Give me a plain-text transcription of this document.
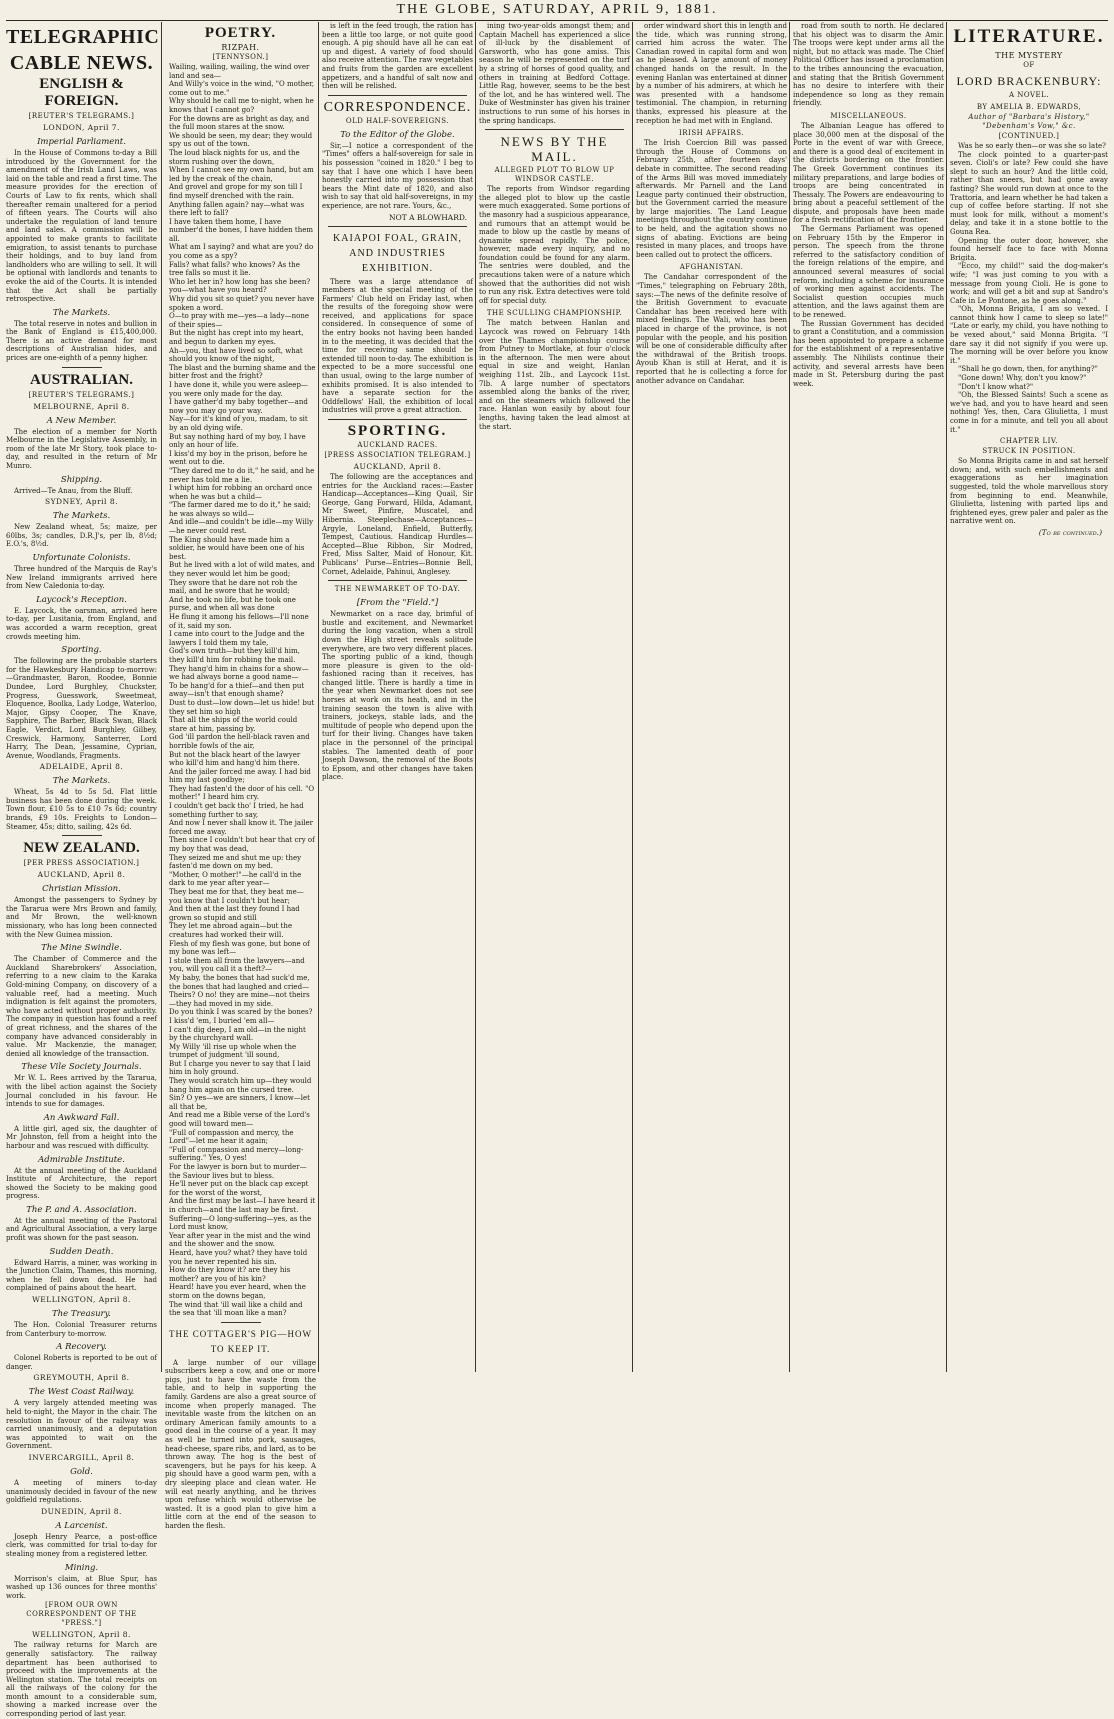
THE GLOBE, SATURDAY, APRIL 9, 1881.
TELEGRAPHIC
CABLE NEWS.
ENGLISH & FOREIGN.
[REUTER'S TELEGRAMS.]
LONDON, April 7.
Imperial Parliament.

In the House of Commons to-day a Bill introduced by the Government for the amendment of the Irish Land Laws, was laid on the table and read a first time. The measure provides for the erection of Courts of Law to fix rents, which shall thereafter remain unaltered for a period of fifteen years. The Courts will also undertake the regulation of land tenure and land sales. A commission will be appointed to make grants to facilitate emigration, to assist tenants to purchase their holdings, and to buy land from landholders who are willing to sell. It will be optional with landlords and tenants to evoke the aid of the Courts. It is intended that the Act shall be partially retrospective.

The Markets.

The total reserve in notes and bullion in the Bank of England is £15,400,000. There is an active demand for most descriptions of Australian hides, and prices are one-eighth of a penny higher.

AUSTRALIAN.
[REUTER'S TELEGRAMS.]
MELBOURNE, April 8.
A New Member.

The election of a member for North Melbourne in the Legislative Assembly, in room of the late Mr Story, took place to-day, and resulted in the return of Mr Munro.

Shipping.

Arrived—Te Anau, from the Bluff.

SYDNEY, April 8.
The Markets.

New Zealand wheat, 5s; maize, per 60lbs, 3s; candles, D.R.J's, per lb, 8½d; E.O.'s, 8½d.

Unfortunate Colonists.

Three hundred of the Marquis de Ray's New Ireland immigrants arrived here from New Caledonia to-day.

Laycock's Reception.

E. Laycock, the oarsman, arrived here to-day, per Lusitania, from England, and was accorded a warm reception, great crowds meeting him.

Sporting.

The following are the probable starters for the Hawkesbury Handicap to-morrow:—Grandmaster, Baron, Roodee, Bonnie Dundee, Lord Burghley, Chuckster, Progress, Guesswork, Sweetmeat, Eloquence, Boolka, Lady Lodge, Waterloo, Major, Gipsy Cooper, The Knave, Sapphire, The Barber, Black Swan, Black Eagle, Verdict, Lord Burghley, Gilbey, Creswick, Harmony, Santerrer, Lord Harry, The Dean, Jessamine, Cyprian, Avenue, Woodlands, Fragments.

ADELAIDE, April 8.
The Markets.

Wheat, 5s 4d to 5s 5d. Flat little business has been done during the week. Town flour, £10 5s to £10 7s 6d; country brands, £9 10s. Freights to London—Steamer, 45s; ditto, sailing, 42s 6d.

NEW ZEALAND.
[PER PRESS ASSOCIATION.]
AUCKLAND, April 8.
Christian Mission.

Amongst the passengers to Sydney by the Tararua were Mrs Brown and family, and Mr Brown, the well-known missionary, who has long been connected with the New Guinea mission.

The Mine Swindle.

The Chamber of Commerce and the Auckland Sharebrokers' Association, referring to a new claim to the Karaka Gold-mining Company, on discovery of a valuable reef, had a meeting. Much indignation is felt against the promoters, who have acted without proper authority. The company in question has found a reef of great richness, and the shares of the company have advanced considerably in value. Mr Mackenzie, the manager, denied all knowledge of the transaction.

These Vile Society Journals.

Mr W. L. Rees arrived by the Tararua, with the libel action against the Society Journal concluded in his favour. He intends to sue for damages.

An Awkward Fall.

A little girl, aged six, the daughter of Mr Johnston, fell from a height into the harbour and was rescued with difficulty.

Admirable Institute.

At the annual meeting of the Auckland Institute of Architecture, the report showed the Society to be making good progress.

The P. and A. Association.

At the annual meeting of the Pastoral and Agricultural Association, a very large profit was shown for the past season.

Sudden Death.

Edward Harris, a miner, was working in the Junction Claim, Thames, this morning, when he fell down dead. He had complained of pains about the heart.

WELLINGTON, April 8.
The Treasury.

The Hon. Colonial Treasurer returns from Canterbury to-morrow.

A Recovery.

Colonel Roberts is reported to be out of danger.

GREYMOUTH, April 8.
The West Coast Railway.

A very largely attended meeting was held to-night, the Mayor in the chair. The resolution in favour of the railway was carried unanimously, and a deputation was appointed to wait on the Government.

INVERCARGILL, April 8.
Gold.

A meeting of miners to-day unanimously decided in favour of the new goldfield regulations.

DUNEDIN, April 8.
A Larcenist.

Joseph Henry Pearce, a post-office clerk, was committed for trial to-day for stealing money from a registered letter.

Mining.

Morrison's claim, at Blue Spur, has washed up 136 ounces for three months' work.

[FROM OUR OWN CORRESPONDENT OF THE "PRESS."]
WELLINGTON, April 8.

The railway returns for March are generally satisfactory. The railway department has been authorised to proceed with the improvements at the Wellington station. The total receipts on all the railways of the colony for the month amount to a considerable sum, showing a marked increase over the corresponding period of last year.

POETRY.
RIZPAH.
[TENNYSON.]
Wailing, wailing, wailing, the wind over land and sea—
And Willy's voice in the wind, "O mother, come out to me."
Why should he call me to-night, when he knows that I cannot go?
For the downs are as bright as day, and the full moon stares at the snow.
We should be seen, my dear; they would spy us out of the town.
The loud black nights for us, and the storm rushing over the down,
When I cannot see my own hand, but am led by the creak of the chain,
And grovel and grope for my son till I find myself drenched with the rain.
Anything fallen again? nay—what was there left to fall?
I have taken them home, I have number'd the bones, I have hidden them all.
What am I saying? and what are you? do you come as a spy?
Falls? what falls? who knows? As the tree falls so must it lie.
Who let her in? how long has she been? you—what have you heard?
Why did you sit so quiet? you never have spoken a word.
O—to pray with me—yes—a lady—none of their spies—
But the night has crept into my heart, and begun to darken my eyes.
Ah—you, that have lived so soft, what should you know of the night,
The blast and the burning shame and the bitter frost and the fright?
I have done it, while you were asleep—you were only made for the day.
I have gather'd my baby together—and now you may go your way.
Nay—for it's kind of you, madam, to sit by an old dying wife.
But say nothing hard of my boy, I have only an hour of life.
I kiss'd my boy in the prison, before he went out to die.
"They dared me to do it," he said, and he never has told me a lie.
I whipt him for robbing an orchard once when he was but a child—
"The farmer dared me to do it," he said; he was always so wild—
And idle—and couldn't be idle—my Willy—he never could rest.
The King should have made him a soldier, he would have been one of his best.
But he lived with a lot of wild mates, and they never would let him be good;
They swore that he dare not rob the mail, and he swore that he would;
And he took no life, but he took one purse, and when all was done
He flung it among his fellows—I'll none of it, said my son.
I came into court to the Judge and the lawyers I told them my tale,
God's own truth—but they kill'd him, they kill'd him for robbing the mail.
They hang'd him in chains for a show—we had always borne a good name—
To be hang'd for a thief—and then put away—isn't that enough shame?
Dust to dust—low down—let us hide! but they set him so high
That all the ships of the world could stare at him, passing by.
God 'ill pardon the hell-black raven and horrible fowls of the air,
But not the black heart of the lawyer who kill'd him and hang'd him there.
And the jailer forced me away. I had bid him my last goodbye;
They had fasten'd the door of his cell. "O mother!" I heard him cry.
I couldn't get back tho' I tried, he had something further to say,
And now I never shall know it. The jailer forced me away.
Then since I couldn't but hear that cry of my boy that was dead,
They seized me and shut me up: they fasten'd me down on my bed.
"Mother, O mother!"—he call'd in the dark to me year after year—
They beat me for that, they beat me—you know that I couldn't but hear;
And then at the last they found I had grown so stupid and still
They let me abroad again—but the creatures had worked their will.
Flesh of my flesh was gone, but bone of my bone was left—
I stole them all from the lawyers—and you, will you call it a theft?—
My baby, the bones that had suck'd me, the bones that had laughed and cried—
Theirs? O no! they are mine—not theirs—they had moved in my side.
Do you think I was scared by the bones? I kiss'd 'em, I buried 'em all—
I can't dig deep, I am old—in the night by the churchyard wall.
My Willy 'ill rise up whole when the trumpet of judgment 'ill sound,
But I charge you never to say that I laid him in holy ground.
They would scratch him up—they would hang him again on the cursed tree.
Sin? O yes—we are sinners, I know—let all that be,
And read me a Bible verse of the Lord's good will toward men—
"Full of compassion and mercy, the Lord"—let me hear it again;
"Full of compassion and mercy—long-suffering." Yes, O yes!
For the lawyer is born but to murder—the Saviour lives but to bless.
He'll never put on the black cap except for the worst of the worst,
And the first may be last—I have heard it in church—and the last may be first.
Suffering—O long-suffering—yes, as the Lord must know,
Year after year in the mist and the wind and the shower and the snow.
Heard, have you? what? they have told you he never repented his sin.
How do they know it? are they his mother? are you of his kin?
Heard! have you ever heard, when the storm on the downs began,
The wind that 'ill wail like a child and the sea that 'ill moan like a man?
THE COTTAGER'S PIG—HOW TO KEEP IT.

A large number of our village subscribers keep a cow, and one or more pigs, just to have the waste from the table, and to help in supporting the family. Gardens are also a great source of income when properly managed. The inevitable waste from the kitchen on an ordinary American family amounts to a good deal in the course of a year. It may as well be turned into pork, sausages, head-cheese, spare ribs, and lard, as to be thrown away. The hog is the best of scavengers, but he pays for his keep. A pig should have a good warm pen, with a dry sleeping place and clean water. He will eat nearly anything, and he thrives upon refuse which would otherwise be wasted. It is a good plan to give him a little corn at the end of the season to harden the flesh.

is left in the feed trough, the ration has been a little too large, or not quite good enough. A pig should have all he can eat up and digest. A variety of food should also receive attention. The raw vegetables and fruits from the garden are excellent appetizers, and a handful of salt now and then will be relished.

CORRESPONDENCE.
OLD HALF-SOVEREIGNS.
To the Editor of the Globe.

Sir,—I notice a correspondent of the "Times" offers a half-sovereign for sale in his possession "coined in 1820." I beg to say that I have one which I have been honestly carried into my possession that bears the Mint date of 1820, and also wish to say that old half-sovereigns, in my experience, are not rare. Yours, &c.,

NOT A BLOWHARD.
KAIAPOI FOAL, GRAIN, AND INDUSTRIES EXHIBITION.

There was a large attendance of members at the special meeting of the Farmers' Club held on Friday last, when the results of the foregoing show were received, and applications for space considered. In consequence of some of the entry books not having been handed in to the meeting, it was decided that the time for receiving same should be extended till noon to-day. The exhibition is expected to be a more successful one than usual, owing to the large number of exhibits promised. It is also intended to have a separate section for the Oddfellows' Hall, the exhibition of local industries will prove a great attraction.

SPORTING.
AUCKLAND RACES.
[PRESS ASSOCIATION TELEGRAM.]
AUCKLAND, April 8.

The following are the acceptances and entries for the Auckland races:—Easter Handicap—Acceptances—King Quail, Sir George, Gang Forward, Hilda, Adamant, Mr Sweet, Pinfire, Muscatel, and Hibernia. Steeplechase—Acceptances—Argyle, Loneland, Enfield, Butterfly, Tempest, Cautious. Handicap Hurdles—Accepted—Blue Ribbon, Sir Modred, Fred, Miss Salter, Maid of Honour, Kit. Publicans' Purse—Entries—Bonnie Bell, Cornet, Adelaide, Pahinui, Anglesey.

THE NEWMARKET OF TO-DAY.
[From the "Field."]

Newmarket on a race day, brimful of bustle and excitement, and Newmarket during the long vacation, when a stroll down the High street reveals solitude everywhere, are two very different places. The sporting public of a kind, though more pleasure is given to the old-fashioned racing than it receives, has changed little. There is hardly a time in the year when Newmarket does not see horses at work on its heath, and in the training season the town is alive with trainers, jockeys, stable lads, and the multitude of people who depend upon the turf for their living. Changes have taken place in the personnel of the principal stables. The lamented death of poor Joseph Dawson, the removal of the Boots to Epsom, and other changes have taken place.

ining two-year-olds amongst them; and Captain Machell has experienced a slice of ill-luck by the disablement of Garsworth, who has gone amiss. This season he will be represented on the turf by a string of horses of good quality, and others in training at Bedford Cottage. Little Rag, however, seems to be the best of the lot, and he has wintered well. The Duke of Westminster has given his trainer instructions to run some of his horses in the spring handicaps.

NEWS BY THE MAIL.
ALLEGED PLOT TO BLOW UP WINDSOR CASTLE.

The reports from Windsor regarding the alleged plot to blow up the castle were much exaggerated. Some portions of the masonry had a suspicious appearance, and rumours that an attempt would be made to blow up the castle by means of dynamite spread rapidly. The police, however, made every inquiry, and no foundation could be found for any alarm. The sentries were doubled, and the precautions taken were of a nature which showed that the authorities did not wish to run any risk. Extra detectives were told off for special duty.

THE SCULLING CHAMPIONSHIP.

The match between Hanlan and Laycock was rowed on February 14th over the Thames championship course from Putney to Mortlake, at four o'clock in the afternoon. The men were about equal in size and weight, Hanlan weighing 11st. 2lb., and Laycock 11st. 7lb. A large number of spectators assembled along the banks of the river, and on the steamers which followed the race. Hanlan won easily by about four lengths, having taken the lead almost at the start.

order windward short this in length and the tide, which was running strong, carried him across the water. The Canadian rowed in capital form and won as he pleased. A large amount of money changed hands on the result. In the evening Hanlan was entertained at dinner by a number of his admirers, at which he was presented with a handsome testimonial. The champion, in returning thanks, expressed his pleasure at the reception he had met with in England.

IRISH AFFAIRS.

The Irish Coercion Bill was passed through the House of Commons on February 25th, after fourteen days' debate in committee. The second reading of the Arms Bill was moved immediately afterwards. Mr Parnell and the Land League party continued their obstruction, but the Government carried the measure by large majorities. The Land League meetings throughout the country continue to be held, and the agitation shows no signs of abating. Evictions are being resisted in many places, and troops have been called out to protect the officers.

AFGHANISTAN.

The Candahar correspondent of the "Times," telegraphing on February 28th, says:—The news of the definite resolve of the British Government to evacuate Candahar has been received here with mixed feelings. The Wali, who has been placed in charge of the province, is not popular with the people, and his position will be one of considerable difficulty after the withdrawal of the British troops. Ayoub Khan is still at Herat, and it is reported that he is collecting a force for another advance on Candahar.

road from south to north. He declared that his object was to disarm the Amir. The troops were kept under arms all the night, but no attack was made. The Chief Political Officer has issued a proclamation to the tribes announcing the evacuation, and stating that the British Government has no desire to interfere with their independence so long as they remain friendly.

MISCELLANEOUS.

The Albanian League has offered to place 30,000 men at the disposal of the Porte in the event of war with Greece, and there is a good deal of excitement in the districts bordering on the frontier. The Greek Government continues its military preparations, and large bodies of troops are being concentrated in Thessaly. The Powers are endeavouring to bring about a peaceful settlement of the dispute, and proposals have been made for a fresh rectification of the frontier.

The Germans Parliament was opened on February 15th by the Emperor in person. The speech from the throne referred to the satisfactory condition of the foreign relations of the empire, and announced several measures of social reform, including a scheme for insurance of working men against accidents. The Socialist question occupies much attention, and the laws against them are to be renewed.

The Russian Government has decided to grant a Constitution, and a commission has been appointed to prepare a scheme for the establishment of a representative assembly. The Nihilists continue their activity, and several arrests have been made in St. Petersburg during the past week.

LITERATURE.
THE MYSTERY
OF
LORD BRACKENBURY:
A NOVEL.
BY AMELIA B. EDWARDS,
Author of "Barbara's History," "Debenham's Vow," &c.
[CONTINUED.]

Was he so early then—or was she so late?

The clock pointed to a quarter-past seven. Cioli's or late? Few could she have slept to such an hour? And the little cold, rather than sneers, but had gone away fasting? She would run down at once to the Trattoria, and learn whether he had taken a cup of coffee before starting. If not she must look for milk, without a moment's delay, and take it in a stone bottle to the Gouna Rea.

Opening the outer door, however, she found herself face to face with Monna Brigita.

"Ecco, my child!" said the dog-maker's wife; "I was just coming to you with a message from young Cioli. He is gone to work; and will get a bit and sup at Sandro's Cafe in Le Pontone, as he goes along."

"Oh, Monna Brigita, I am so vexed. I cannot think how I came to sleep so late!" "Late or early, my child, you have nothing to be vexed about," said Monna Brigita. "I dare say it did not signify if you were up. The morning will be over before you know it."

"Shall he go down, then, for anything?"

"Gone down! Why, don't you know?"

"Don't I know what?"

"Oh, the Blessed Saints! Such a scene as we've had, and you to have heard and seen nothing! Yes, then, Cara Gliulietta, I must come in for a minute, and tell you all about it."

CHAPTER LIV.
STRUCK IN POSITION.

So Monna Brigita came in and sat herself down; and, with such embellishments and exaggerations as her imagination suggested, told the whole marvellous story from beginning to end. Meanwhile, Gliulietta, listening with parted lips and frightened eyes, grew paler and paler as the narrative went on.

(To be continued.)
